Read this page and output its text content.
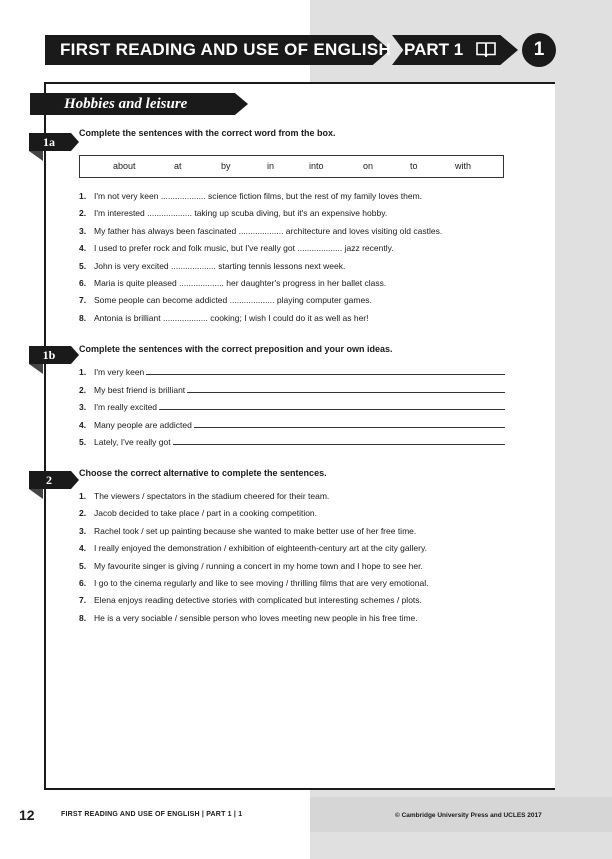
FIRST READING AND USE OF ENGLISH PART 1	1
Hobbies and leisure
1a
Complete the sentences with the correct word from the box.
about	at	by	in	into	on	to	with
1. I'm not very keen ................... science fiction films, but the rest of my family loves them.
2. I'm interested ................... taking up scuba diving, but it's an expensive hobby.
3. My father has always been fascinated ................... architecture and loves visiting old castles.
4. I used to prefer rock and folk music, but I've really got ................... jazz recently.
5. John is very excited ................... starting tennis lessons next week.
6. Maria is quite pleased ................... her daughter's progress in her ballet class.
7. Some people can become addicted ................... playing computer games.
8. Antonia is brilliant ................... cooking; I wish I could do it as well as her!
1b	Complete the sentences with the correct preposition and your own ideas.
1. I'm very keen
2. My best friend is brilliant
3. I'm really excited
4. Many people are addicted
5. Lately, I've really got
2	Choose the correct alternative to complete the sentences.
1. The viewers / spectators in the stadium cheered for their team.
2. Jacob decided to take place / part in a cooking competition.
3. Rachel took / set up painting because she wanted to make better use of her free time.
4. I really enjoyed the demonstration / exhibition of eighteenth-century art at the city gallery.
5. My favourite singer is giving / running a concert in my home town and I hope to see her.
6. I go to the cinema regularly and like to see moving / thrilling films that are very emotional.
7. Elena enjoys reading detective stories with complicated but interesting schemes / plots.
8. He is a very sociable / sensible person who loves meeting new people in his free time.
12	FIRST READING AND USE OF ENGLISH | PART 1 | 1	© Cambridge University Press and UCLES 2017
